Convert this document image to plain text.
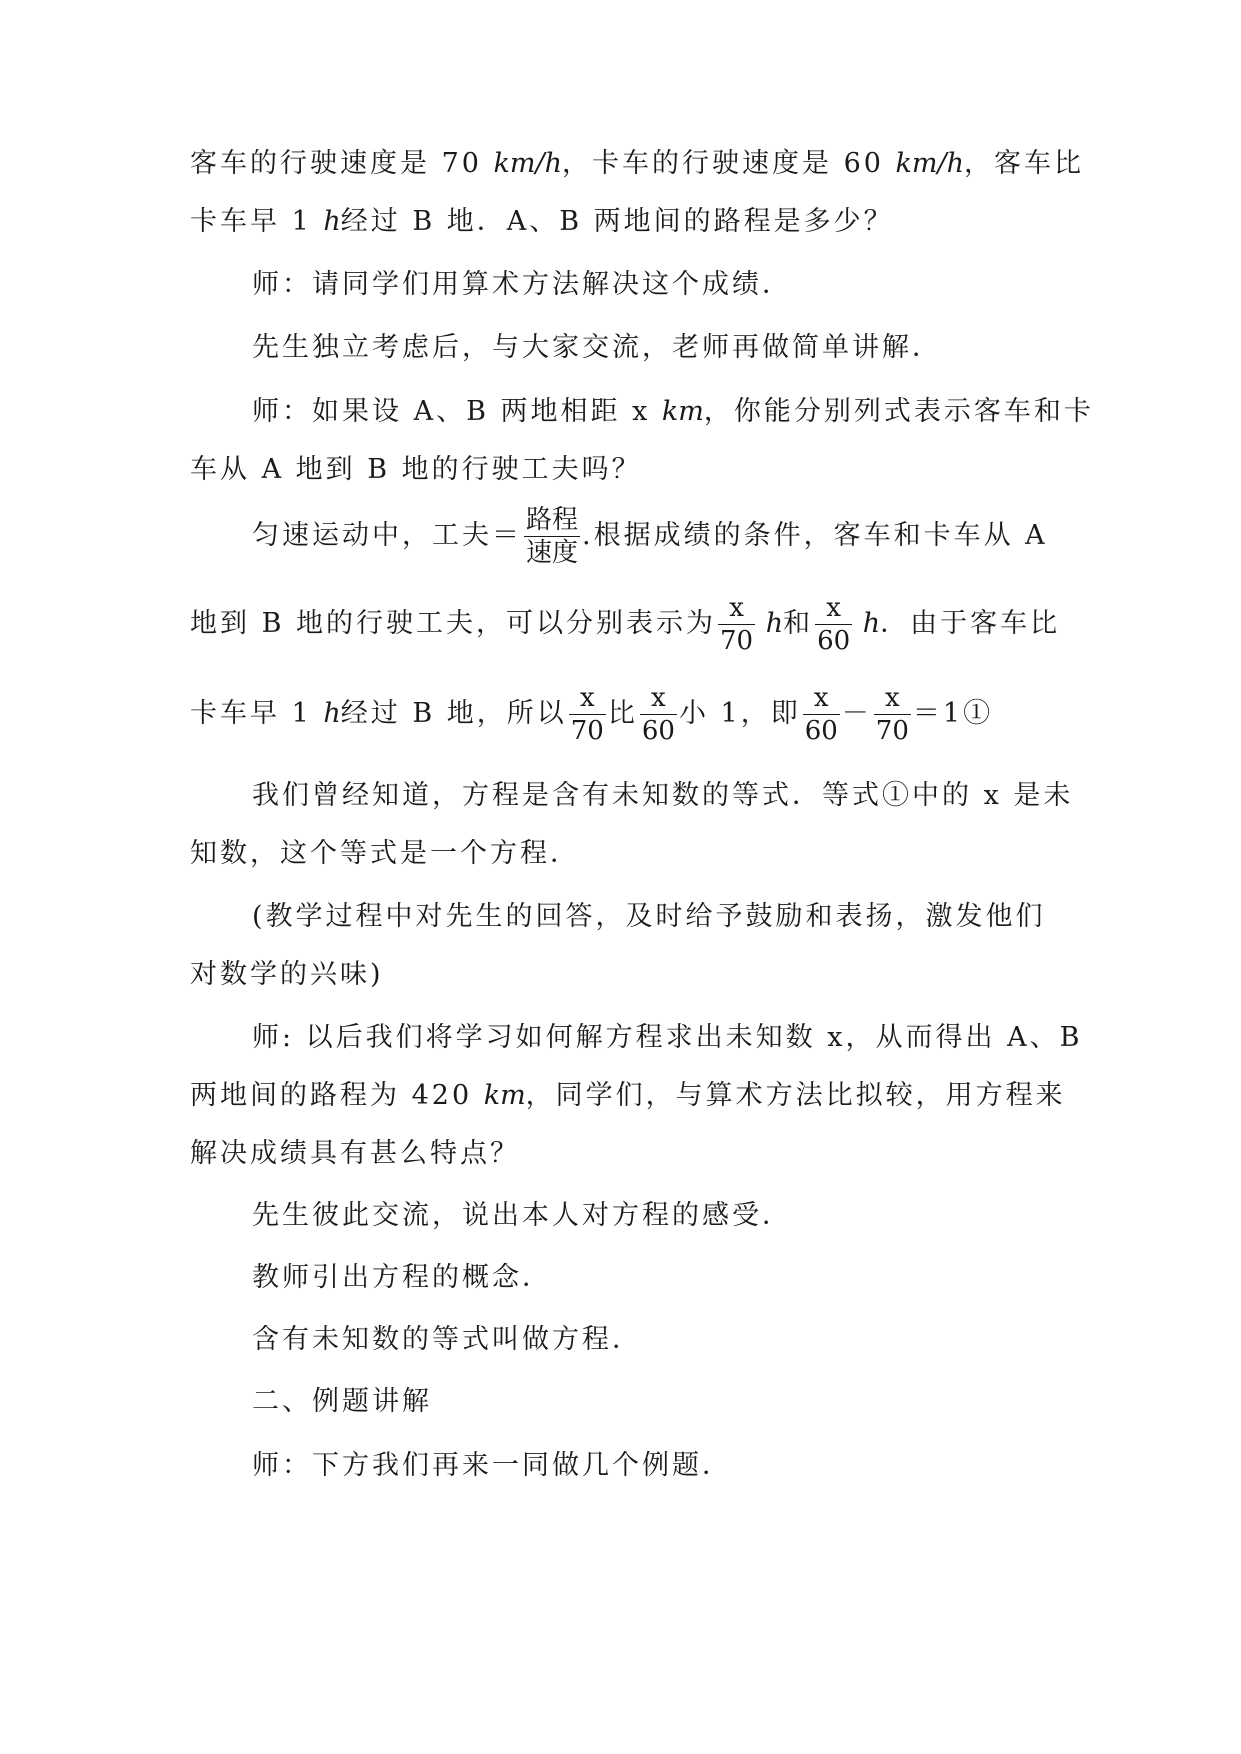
客车的行驶速度是 70 km/h，卡车的行驶速度是 60 km/h，客车比
卡车早 1 h经过 B 地．A、B 两地间的路程是多少？
师：请同学们用算术方法解决这个成绩．
先生独立考虑后，与大家交流，老师再做简单讲解．
师：如果设 A、B 两地相距 x km，你能分别列式表示客车和卡
车从 A 地到 B 地的行驶工夫吗？
匀速运动中，工夫＝ $\frac{\text{路程}}{\text{速度}}$ .根据成绩的条件，客车和卡车从 A
地到 B 地的行驶工夫，可以分别表示为 $\frac{x}{70}$ h和 $\frac{x}{60}$ h．由于客车比
卡车早 1 h经过 B 地，所以 $\frac{x}{70}$ 比 $\frac{x}{60}$ 小 1，即 $\frac{x}{60} - \frac{x}{70}$ ＝1①
我们曾经知道，方程是含有未知数的等式．等式①中的 x 是未
知数，这个等式是一个方程．
(教学过程中对先生的回答，及时给予鼓励和表扬，激发他们
对数学的兴味)
师: 以后我们将学习如何解方程求出未知数 x，从而得出 A、B
两地间的路程为 420 km，同学们，与算术方法比拟较，用方程来
解决成绩具有甚么特点？
先生彼此交流，说出本人对方程的感受．
教师引出方程的概念．
含有未知数的等式叫做方程．
二、例题讲解
师：下方我们再来一同做几个例题．
